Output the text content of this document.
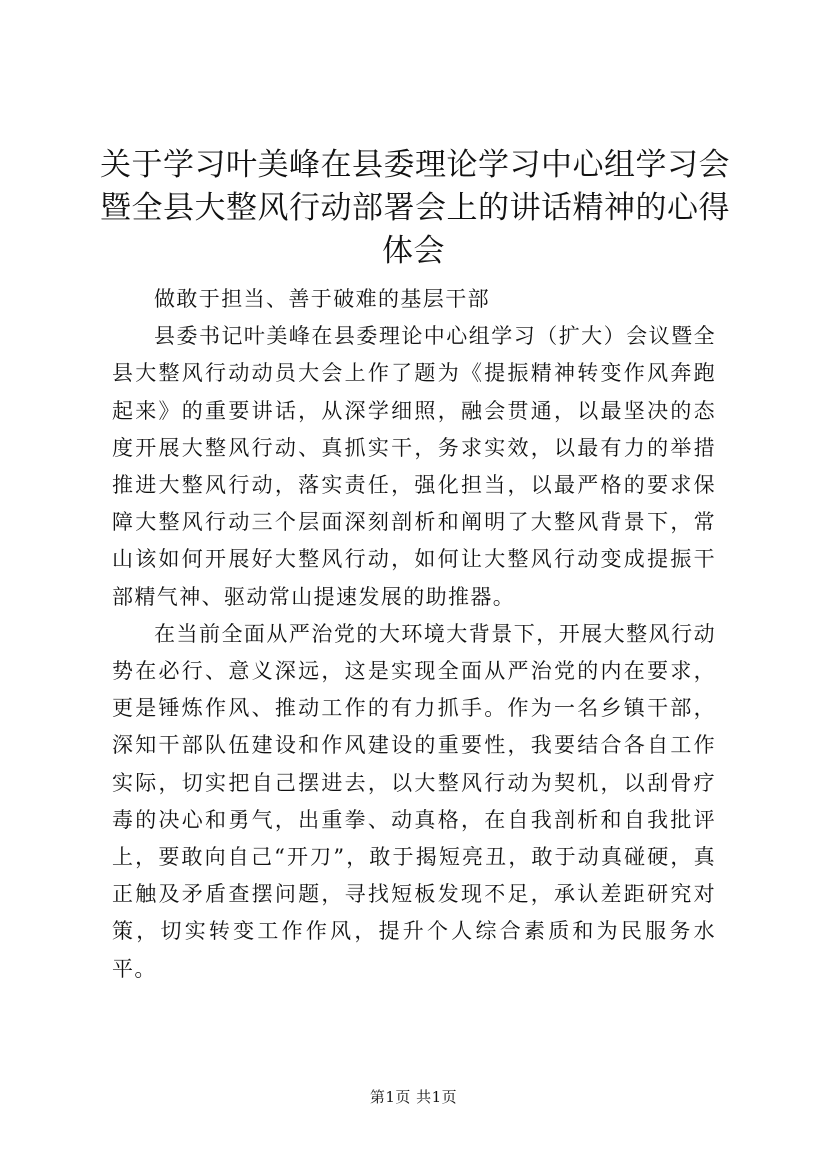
关于学习叶美峰在县委理论学习中心组学习会
暨全县大整风行动部署会上的讲话精神的心得
体会

做敢于担当、善于破难的基层干部

县委书记叶美峰在县委理论中心组学习（扩大）会议暨全县大整风行动动员大会上作了题为《提振精神转变作风奔跑起来》的重要讲话，从深学细照，融会贯通，以最坚决的态度开展大整风行动、真抓实干，务求实效，以最有力的举措推进大整风行动，落实责任，强化担当，以最严格的要求保障大整风行动三个层面深刻剖析和阐明了大整风背景下，常山该如何开展好大整风行动，如何让大整风行动变成提振干部精气神、驱动常山提速发展的助推器。

在当前全面从严治党的大环境大背景下，开展大整风行动势在必行、意义深远，这是实现全面从严治党的内在要求，更是锤炼作风、推动工作的有力抓手。作为一名乡镇干部，深知干部队伍建设和作风建设的重要性，我要结合各自工作实际，切实把自己摆进去，以大整风行动为契机，以刮骨疗毒的决心和勇气，出重拳、动真格，在自我剖析和自我批评上，要敢向自己“开刀”，敢于揭短亮丑，敢于动真碰硬，真正触及矛盾查摆问题，寻找短板发现不足，承认差距研究对策，切实转变工作作风，提升个人综合素质和为民服务水平。

第1页 共1页
